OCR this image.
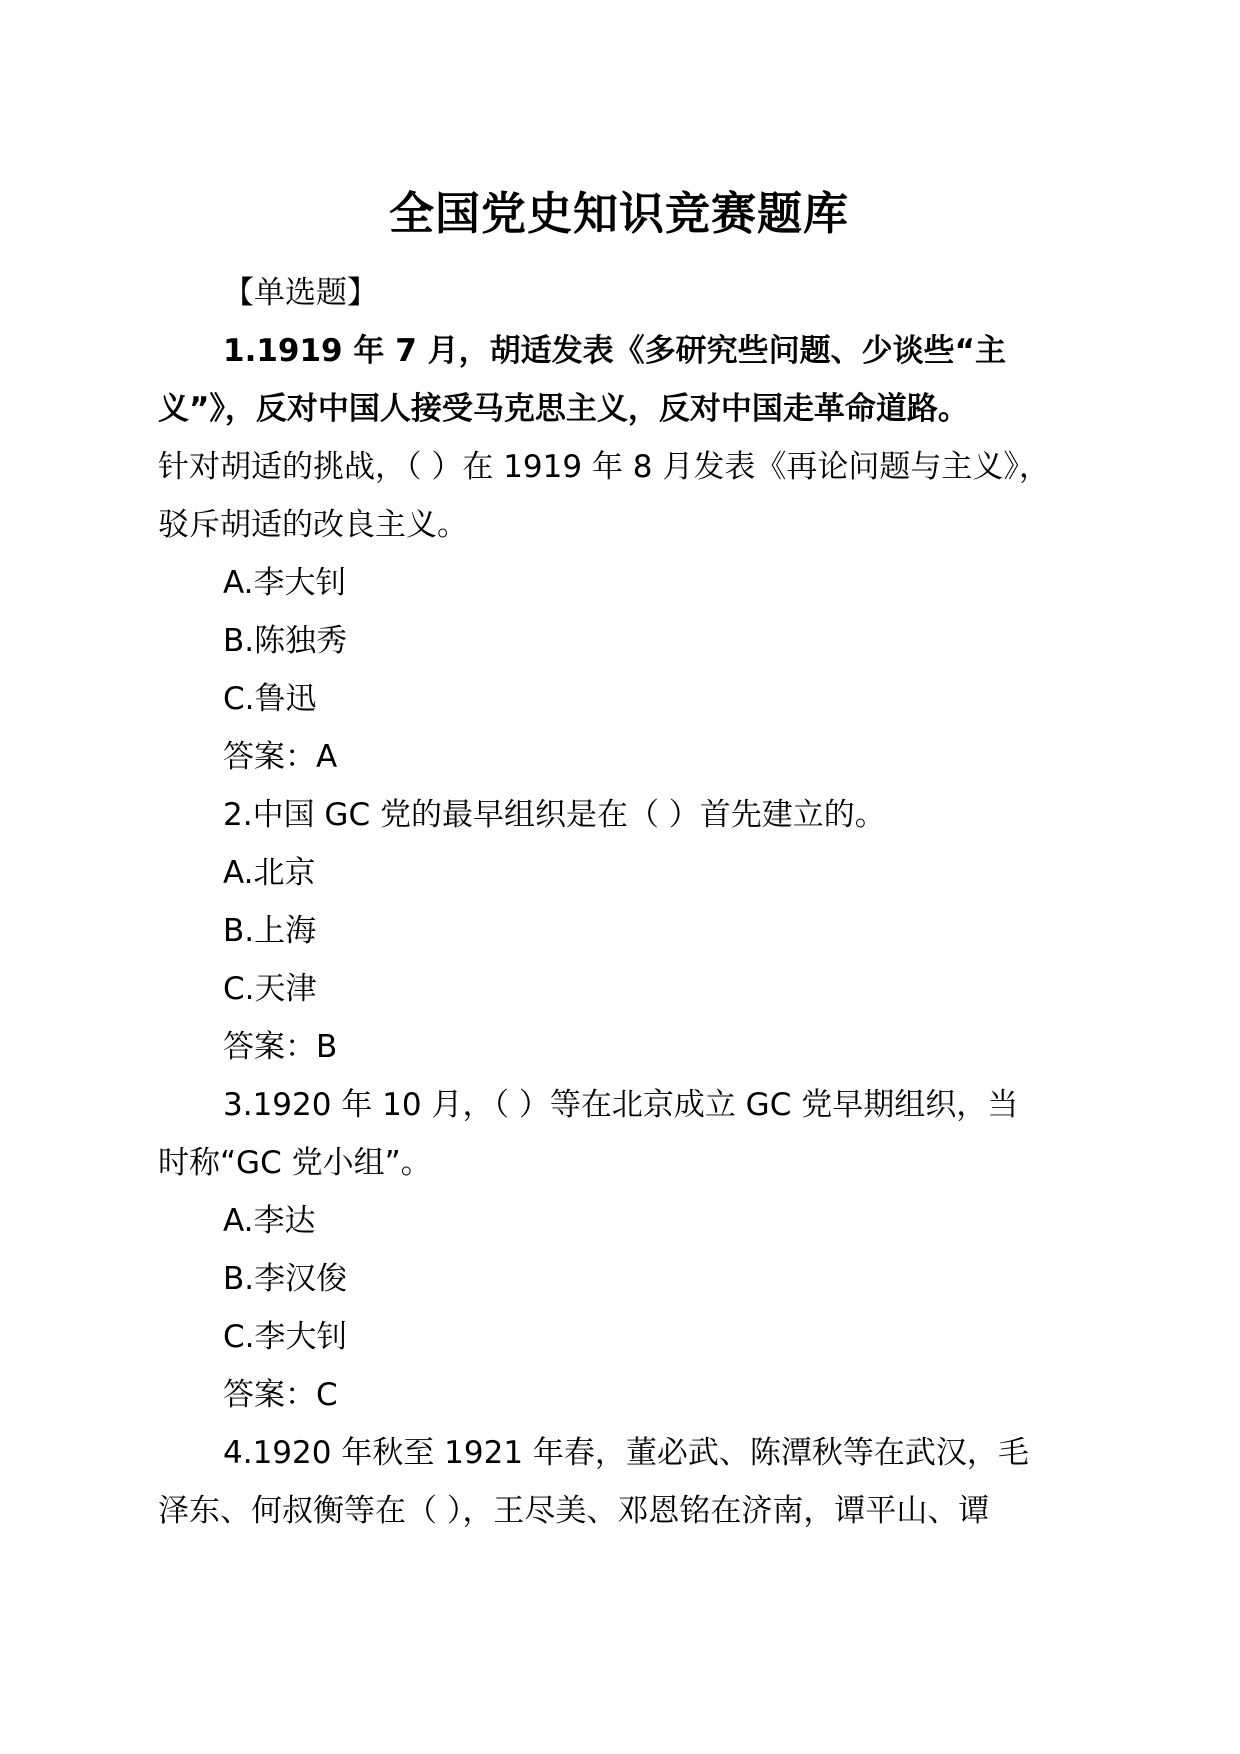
全国党史知识竞赛题库

【单选题】

1.1919 年 7 月，胡适发表《多研究些问题、少谈些“主
义”》，反对中国人接受马克思主义，反对中国走革命道路。
针对胡适的挑战，（ ）在 1919 年 8 月发表《再论问题与主义》，
驳斥胡适的改良主义。

A.李大钊

B.陈独秀

C.鲁迅

答案：A

2.中国 GC 党的最早组织是在（ ）首先建立的。

A.北京

B.上海

C.天津

答案：B

3.1920 年 10 月，（ ）等在北京成立 GC 党早期组织，当
时称“GC 党小组”。

A.李达

B.李汉俊

C.李大钊

答案：C

4.1920 年秋至 1921 年春，董必武、陈潭秋等在武汉，毛
泽东、何叔衡等在（ ），王尽美、邓恩铭在济南，谭平山、谭
